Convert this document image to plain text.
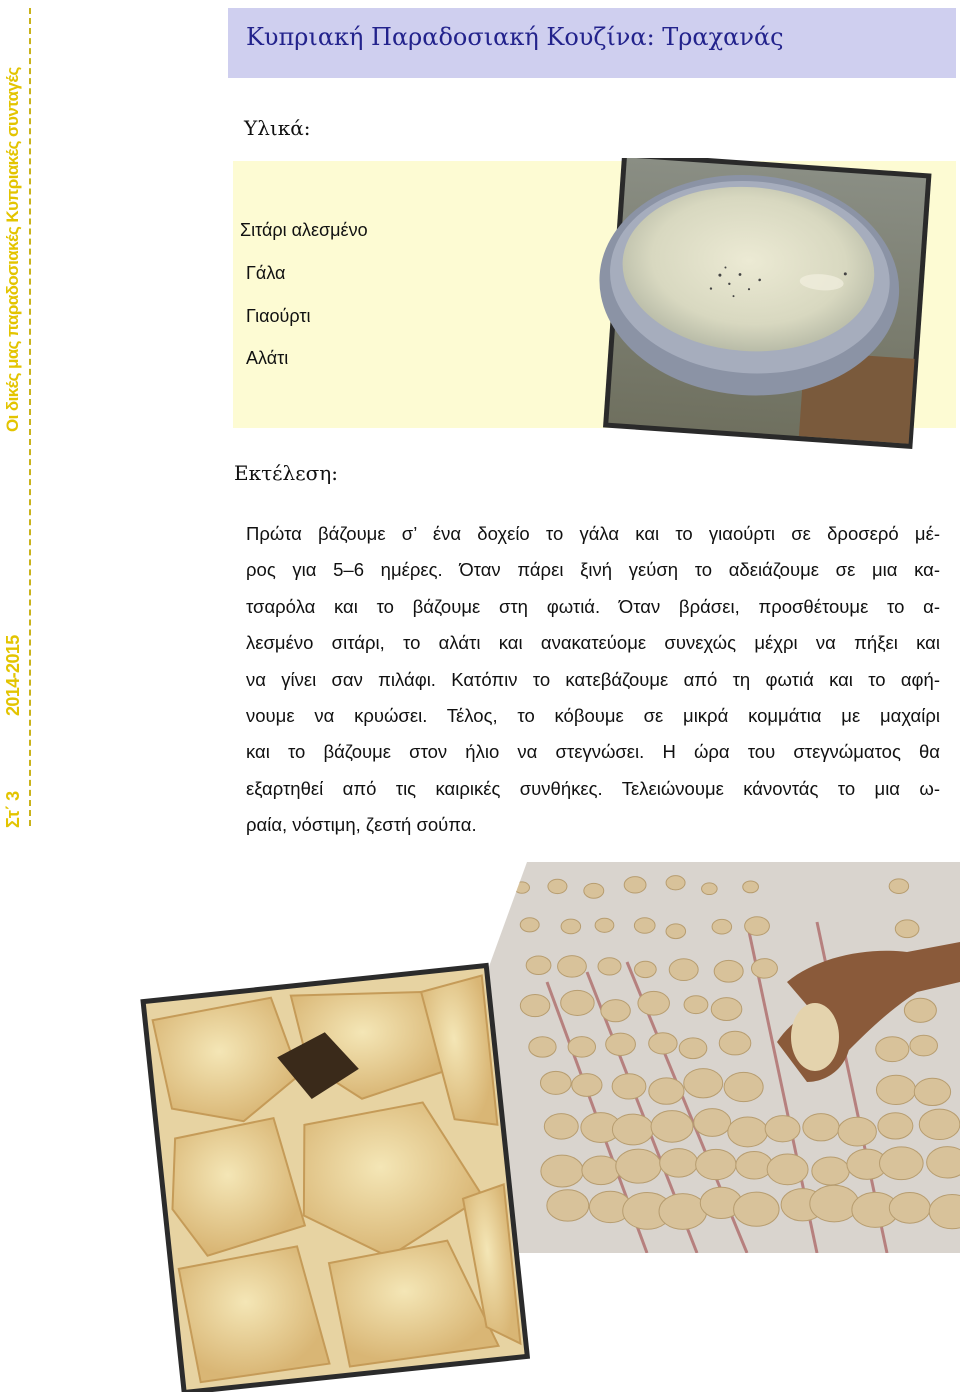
Οι δικές μας παραδοσιακές Κυπριακές συνταγές
2014-2015
Στ΄ 3
Κυπριακή Παραδοσιακή Κουζίνα: Τραχανάς
Υλικά:
Σιτάρι αλεσμένο
Γάλα
Γιαούρτι
Αλάτι
Εκτέλεση:
Πρώτα βάζουμε σ’ ένα δοχείο το γάλα και το γιαούρτι σε δροσερό μέ-
ρος για 5–6 ημέρες. Όταν πάρει ξινή γεύση το αδειάζουμε σε μια κα-
τσαρόλα και το βάζουμε στη φωτιά. Όταν βράσει, προσθέτουμε το α-
λεσμένο σιτάρι, το αλάτι και ανακατεύομε συνεχώς μέχρι να πήξει και
να γίνει σαν πιλάφι. Κατόπιν το κατεβάζουμε από τη φωτιά και το αφή-
νουμε να κρυώσει. Τέλος, το κόβουμε σε μικρά κομμάτια με μαχαίρι
και το βάζουμε στον ήλιο να στεγνώσει. Η ώρα του στεγνώματος θα
εξαρτηθεί από τις καιρικές συνθήκες. Τελειώνουμε κάνοντάς το μια ω-
ραία, νόστιμη, ζεστή σούπα.
